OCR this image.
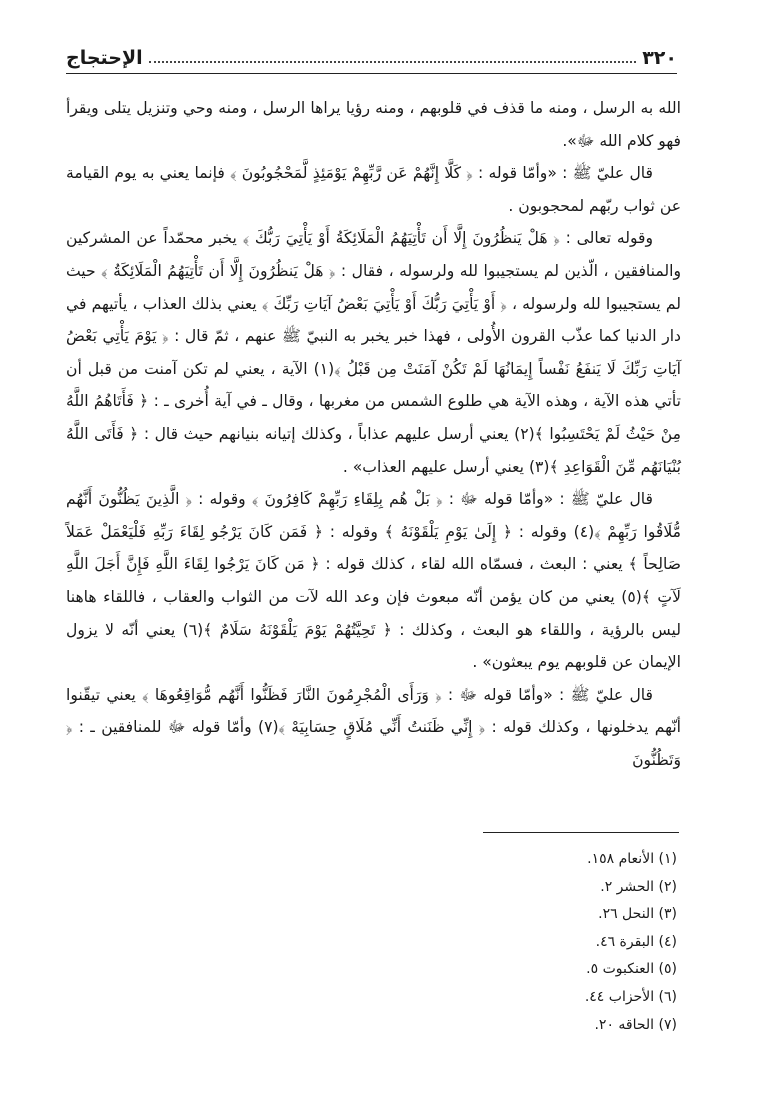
٣٢٠
الإحتجاج

الله به الرسل ، ومنه ما قذف في قلوبهم ، ومنه رؤيا يراها الرسل ، ومنه وحي وتنزيل يتلى ويقرأ فهو كلام الله ﷻ».

قال عليّ ﷺ : «وأمّا قوله : ﴿ كَلَّا إِنَّهُمْ عَن رَّبِّهِمْ يَوْمَئِذٍ لَّمَحْجُوبُونَ ﴾ فإنما يعني به يوم القيامة عن ثواب ربّهم لمحجوبون .

وقوله تعالى : ﴿ هَلْ يَنظُرُونَ إِلَّا أَن تَأْتِيَهُمُ الْمَلَائِكَةُ أَوْ يَأْتِيَ رَبُّكَ ﴾ يخبر محمّداً عن المشركين والمنافقين ، الّذين لم يستجيبوا لله ولرسوله ، فقال : ﴿ هَلْ يَنظُرُونَ إِلَّا أَن تَأْتِيَهُمُ الْمَلَائِكَةُ ﴾ حيث لم يستجيبوا لله ولرسوله ، ﴿ أَوْ يَأْتِيَ رَبُّكَ أَوْ يَأْتِيَ بَعْضُ آيَاتِ رَبِّكَ ﴾ يعني بذلك العذاب ، يأتيهم في دار الدنيا كما عذّب القرون الأُولى ، فهذا خبر يخبر به النبيّ ﷺ عنهم ، ثمّ قال : ﴿ يَوْمَ يَأْتِي بَعْضُ آيَاتِ رَبِّكَ لَا يَنفَعُ نَفْساً إِيمَانُهَا لَمْ تَكُنْ آمَنَتْ مِن قَبْلُ ﴾(١) الآية ، يعني لم تكن آمنت من قبل أن تأتي هذه الآية ، وهذه الآية هي طلوع الشمس من مغربها ، وقال ـ في آية أُخرى ـ : ﴿ فَأَتَاهُمُ اللَّهُ مِنْ حَيْثُ لَمْ يَحْتَسِبُوا ﴾(٢) يعني أرسل عليهم عذاباً ، وكذلك إتيانه بنيانهم حيث قال : ﴿ فَأَتَى اللَّهُ بُنْيَانَهُم مِّنَ الْقَوَاعِدِ ﴾(٣) يعني أرسل عليهم العذاب» .

قال عليّ ﷺ : «وأمّا قوله ﷻ : ﴿ بَلْ هُم بِلِقَاءِ رَبِّهِمْ كَافِرُونَ ﴾ وقوله : ﴿ الَّذِينَ يَظُنُّونَ أَنَّهُم مُّلَاقُوا رَبِّهِمْ ﴾(٤) وقوله : ﴿ إِلَىٰ يَوْمِ يَلْقَوْنَهُ ﴾ وقوله : ﴿ فَمَن كَانَ يَرْجُو لِقَاءَ رَبِّهِ فَلْيَعْمَلْ عَمَلاً صَالِحاً ﴾ يعني : البعث ، فسمّاه الله لقاء ، كذلك قوله : ﴿ مَن كَانَ يَرْجُوا لِقَاءَ اللَّهِ فَإِنَّ أَجَلَ اللَّهِ لَآتٍ ﴾(٥) يعني من كان يؤمن أنّه مبعوث فإن وعد الله لآت من الثواب والعقاب ، فاللقاء هاهنا ليس بالرؤية ، واللقاء هو البعث ، وكذلك : ﴿ تَحِيَّتُهُمْ يَوْمَ يَلْقَوْنَهُ سَلَامٌ ﴾(٦) يعني أنّه لا يزول الإيمان عن قلوبهم يوم يبعثون» .

قال عليّ ﷺ : «وأمّا قوله ﷻ : ﴿ وَرَأَى الْمُجْرِمُونَ النَّارَ فَظَنُّوا أَنَّهُم مُّوَاقِعُوهَا ﴾ يعني تيقّنوا أنّهم يدخلونها ، وكذلك قوله : ﴿ إِنِّي ظَنَنتُ أَنِّي مُلَاقٍ حِسَابِيَهْ ﴾(٧) وأمّا قوله ﷻ للمنافقين ـ : ﴿ وَتَظُنُّونَ

(١) الأنعام ١٥٨.
(٢) الحشر ٢.
(٣) النحل ٢٦.
(٤) البقرة ٤٦.
(٥) العنكبوت ٥.
(٦) الأحزاب ٤٤.
(٧) الحاقه ٢٠.
